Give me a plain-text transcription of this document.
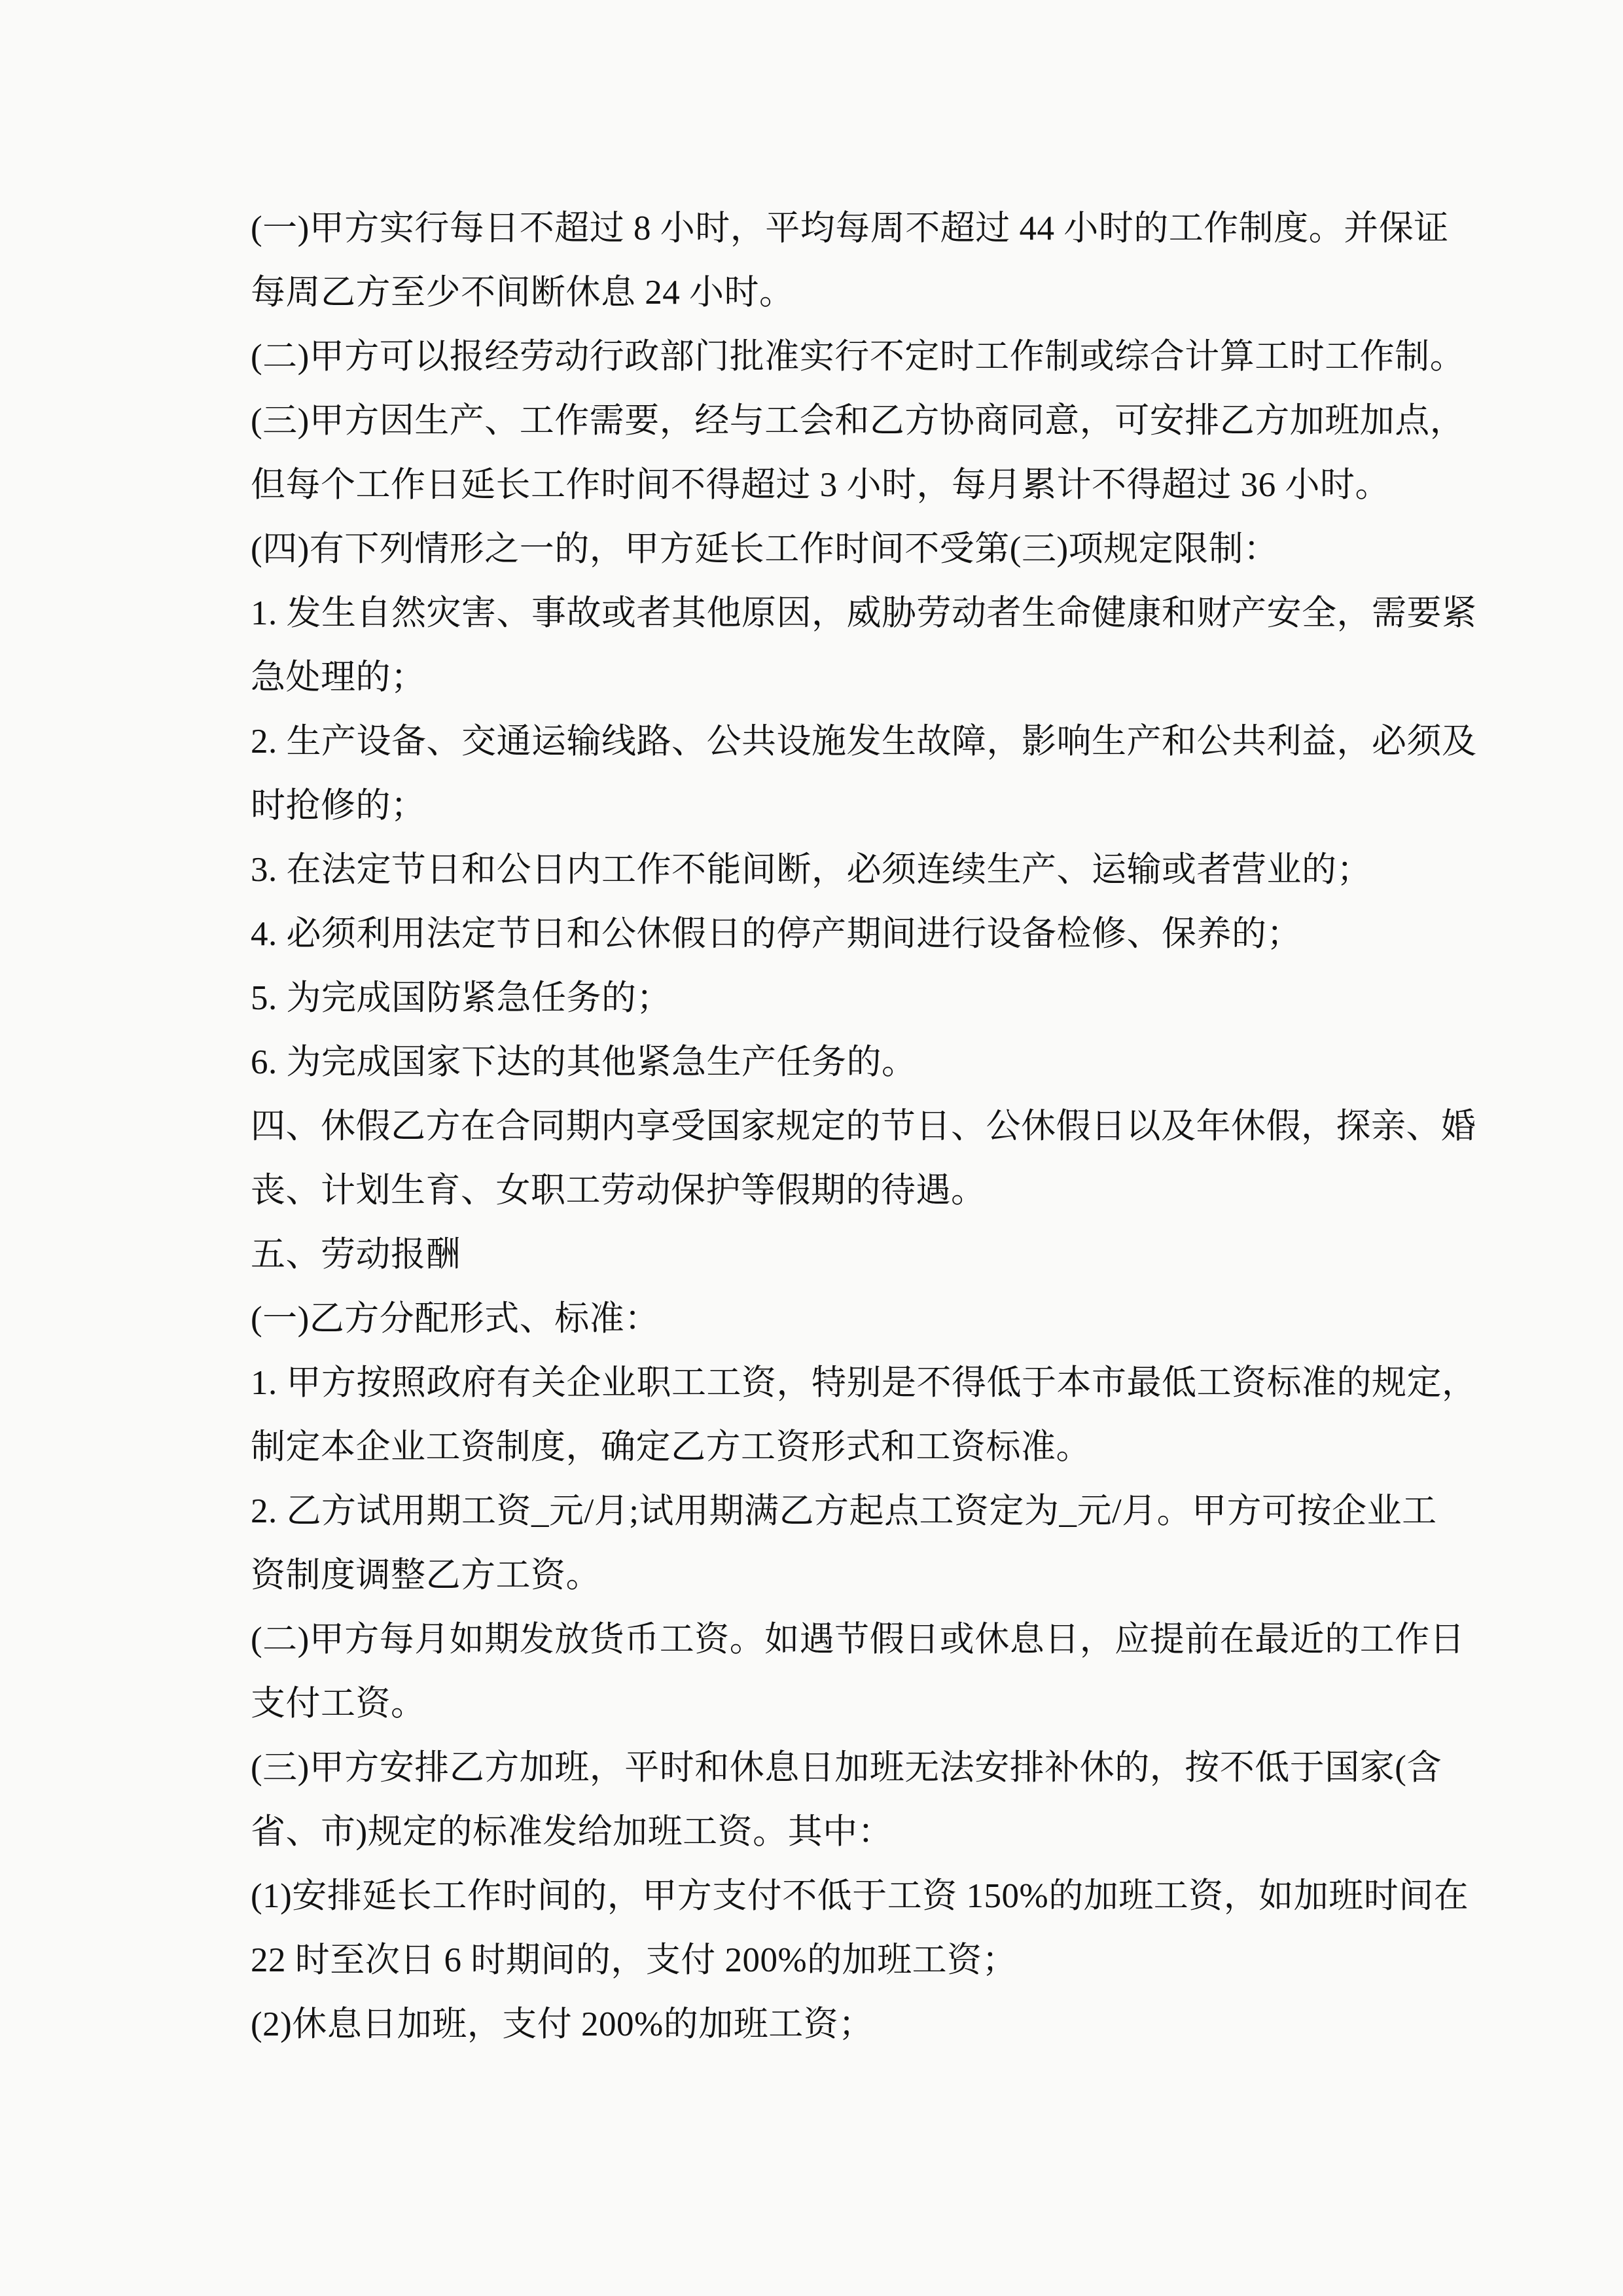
(一)甲方实行每日不超过 8 小时，平均每周不超过 44 小时的工作制度。并保证
每周乙方至少不间断休息 24 小时。
(二)甲方可以报经劳动行政部门批准实行不定时工作制或综合计算工时工作制。
(三)甲方因生产、工作需要，经与工会和乙方协商同意，可安排乙方加班加点，
但每个工作日延长工作时间不得超过 3 小时，每月累计不得超过 36 小时。
(四)有下列情形之一的，甲方延长工作时间不受第(三)项规定限制：
1. 发生自然灾害、事故或者其他原因，威胁劳动者生命健康和财产安全，需要紧
急处理的；
2. 生产设备、交通运输线路、公共设施发生故障，影响生产和公共利益，必须及
时抢修的；
3. 在法定节日和公日内工作不能间断，必须连续生产、运输或者营业的；
4. 必须利用法定节日和公休假日的停产期间进行设备检修、保养的；
5. 为完成国防紧急任务的；
6. 为完成国家下达的其他紧急生产任务的。
四、休假乙方在合同期内享受国家规定的节日、公休假日以及年休假，探亲、婚
丧、计划生育、女职工劳动保护等假期的待遇。
五、劳动报酬
(一)乙方分配形式、标准：
1. 甲方按照政府有关企业职工工资，特别是不得低于本市最低工资标准的规定，
制定本企业工资制度，确定乙方工资形式和工资标准。
2. 乙方试用期工资_元/月;试用期满乙方起点工资定为_元/月。甲方可按企业工
资制度调整乙方工资。
(二)甲方每月如期发放货币工资。如遇节假日或休息日，应提前在最近的工作日
支付工资。
(三)甲方安排乙方加班，平时和休息日加班无法安排补休的，按不低于国家(含
省、市)规定的标准发给加班工资。其中：
(1)安排延长工作时间的，甲方支付不低于工资 150%的加班工资，如加班时间在
22 时至次日 6 时期间的，支付 200%的加班工资；
(2)休息日加班，支付 200%的加班工资；
